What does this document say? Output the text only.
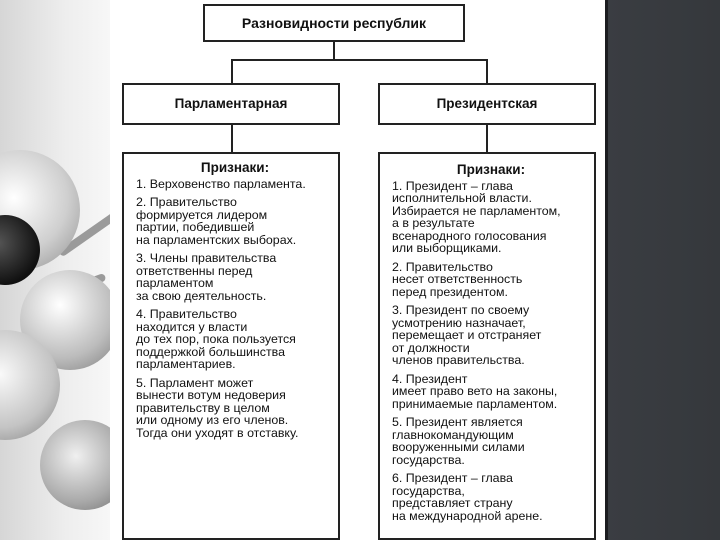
Разновидности республик
Парламентарная	Президентская
Признаки:
1. Верховенство парламента.
2. Правительство
формируется лидером
партии, победившей
на парламентских выборах.
3. Члены правительства
ответственны перед
парламентом
за свою деятельность.
4. Правительство
находится у власти
до тех пор, пока пользуется
поддержкой большинства
парламентариев.
5. Парламент может
вынести вотум недоверия
правительству в целом
или одному из его членов.
Тогда они уходят в отставку.
Признаки:
1. Президент – глава
исполнительной власти.
Избирается не парламентом,
а в результате
всенародного голосования
или выборщиками.
2. Правительство
несет ответственность
перед президентом.
3. Президент по своему
усмотрению назначает,
перемещает и отстраняет
от должности
членов правительства.
4. Президент
имеет право вето на законы,
принимаемые парламентом.
5. Президент является
главнокомандующим
вооруженными силами
государства.
6. Президент – глава
государства,
представляет страну
на международной арене.
